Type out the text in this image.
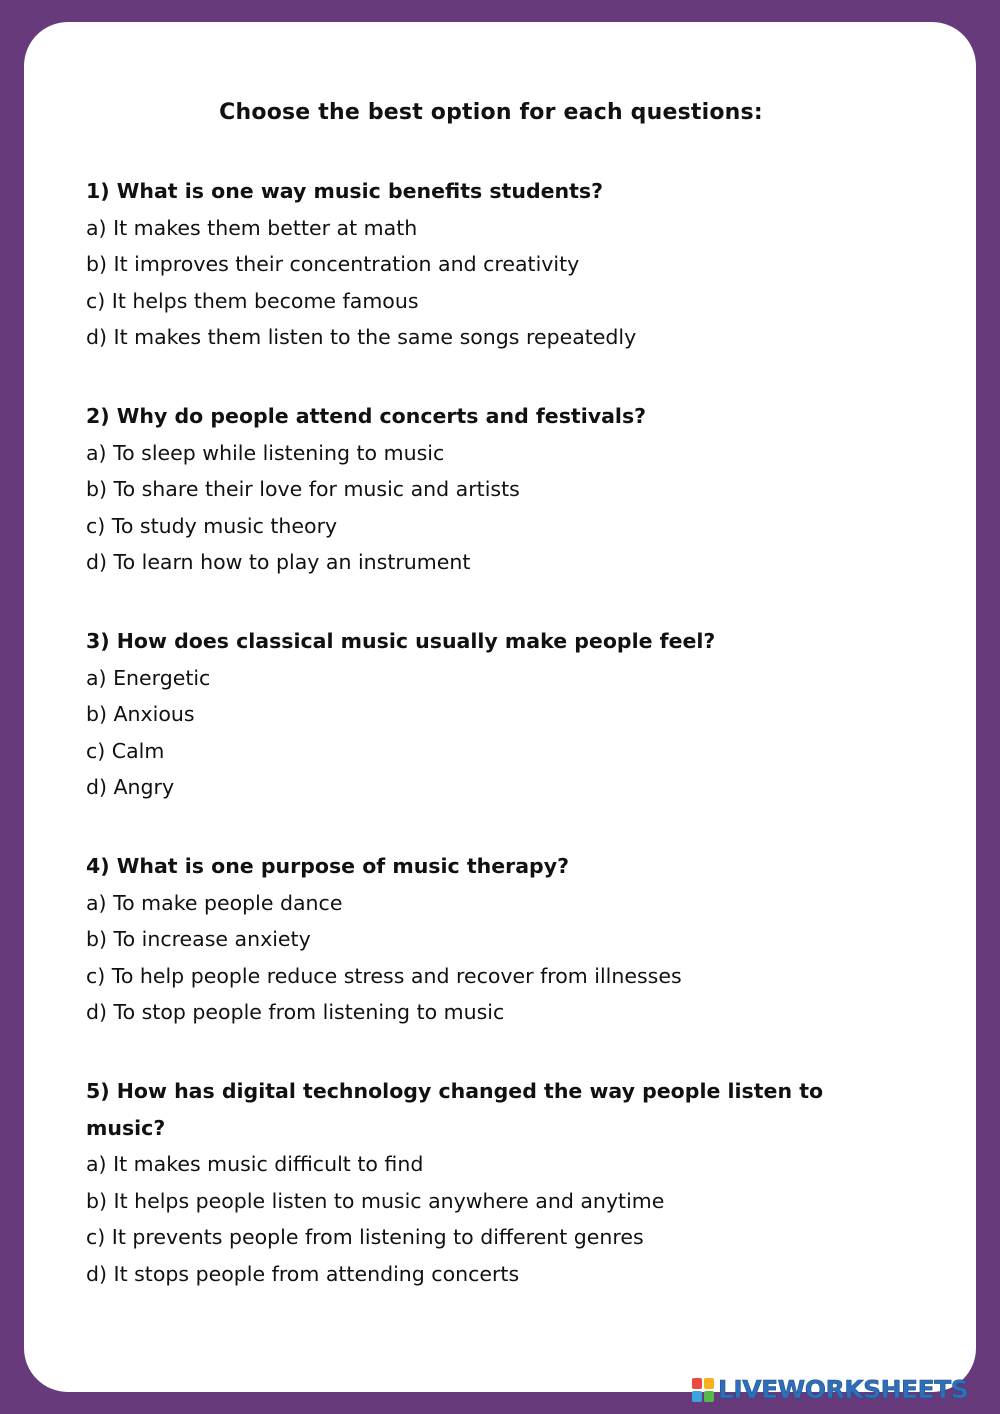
Choose the best option for each questions:

1) What is one way music benefits students?

a) It makes them better at math

b) It improves their concentration and creativity

c) It helps them become famous

d) It makes them listen to the same songs repeatedly

2) Why do people attend concerts and festivals?

a) To sleep while listening to music

b) To share their love for music and artists

c) To study music theory

d) To learn how to play an instrument

3) How does classical music usually make people feel?

a) Energetic

b) Anxious

c) Calm

d) Angry

4) What is one purpose of music therapy?

a) To make people dance

b) To increase anxiety

c) To help people reduce stress and recover from illnesses

d) To stop people from listening to music

5) How has digital technology changed the way people listen to music?

a) It makes music difficult to find

b) It helps people listen to music anywhere and anytime

c) It prevents people from listening to different genres

d) It stops people from attending concerts

LIVEWORKSHEETS
